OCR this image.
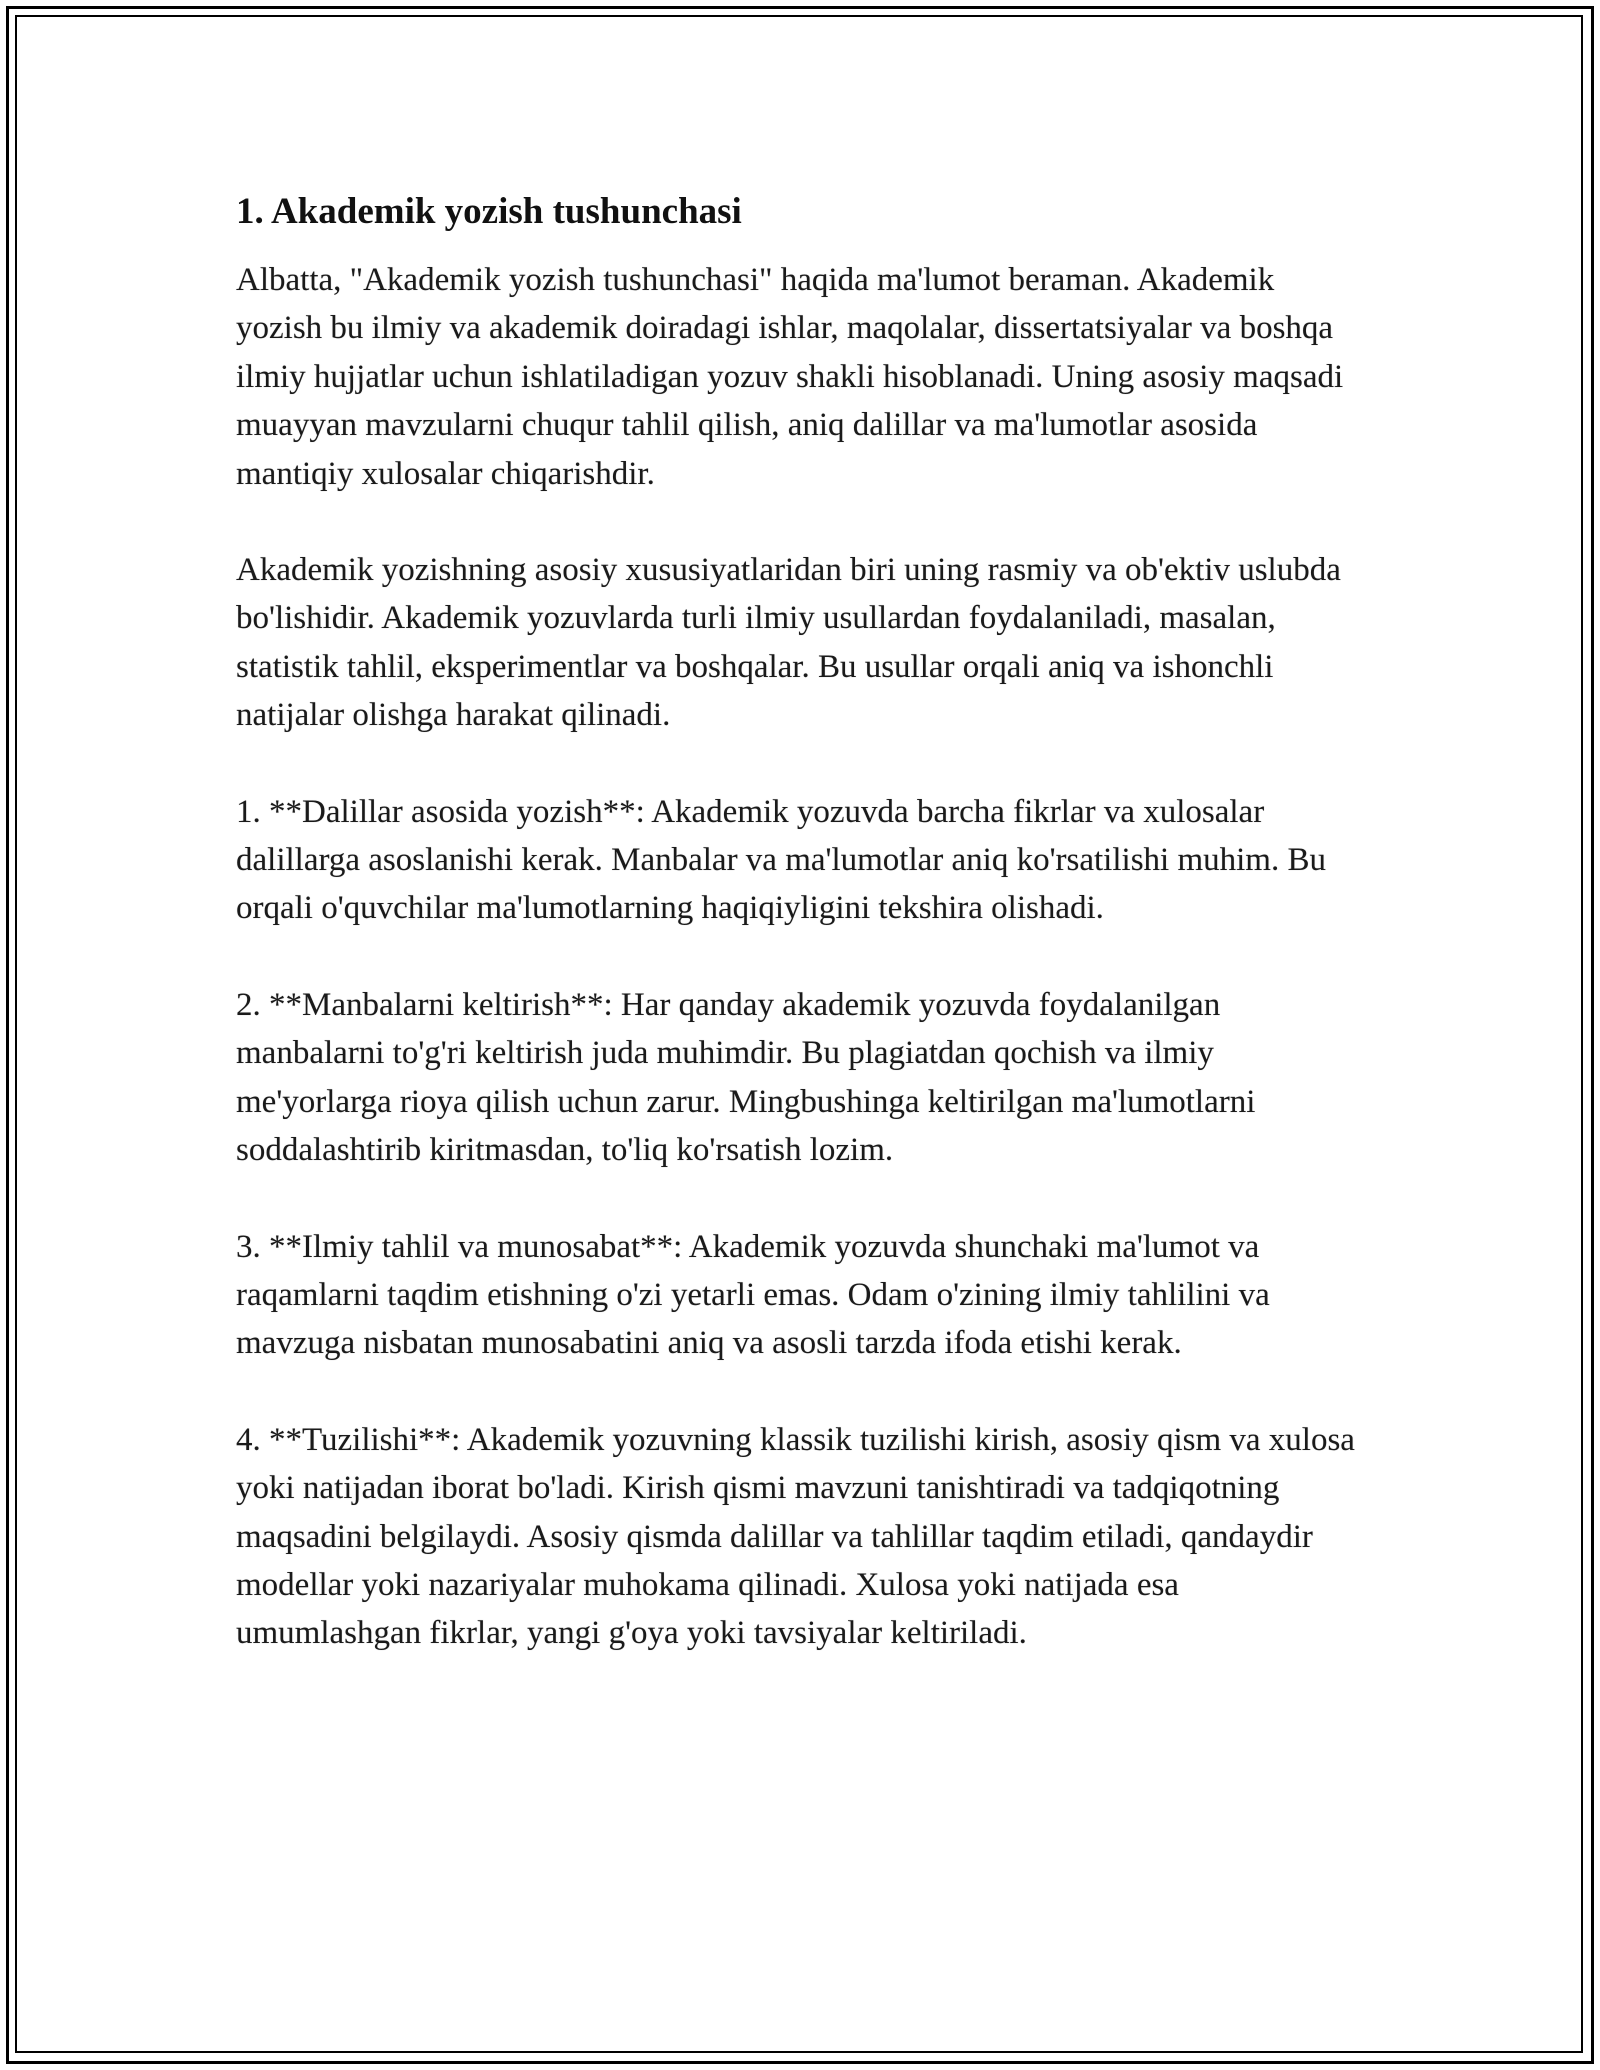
1. Akademik yozish tushunchasi

Albatta, "Akademik yozish tushunchasi" haqida ma'lumot beraman. Akademik yozish bu ilmiy va akademik doiradagi ishlar, maqolalar, dissertatsiyalar va boshqa ilmiy hujjatlar uchun ishlatiladigan yozuv shakli hisoblanadi. Uning asosiy maqsadi muayyan mavzularni chuqur tahlil qilish, aniq dalillar va ma'lumotlar asosida mantiqiy xulosalar chiqarishdir.

Akademik yozishning asosiy xususiyatlaridan biri uning rasmiy va ob'ektiv uslubda bo'lishidir. Akademik yozuvlarda turli ilmiy usullardan foydalaniladi, masalan, statistik tahlil, eksperimentlar va boshqalar. Bu usullar orqali aniq va ishonchli natijalar olishga harakat qilinadi.

1. **Dalillar asosida yozish**: Akademik yozuvda barcha fikrlar va xulosalar dalillarga asoslanishi kerak. Manbalar va ma'lumotlar aniq ko'rsatilishi muhim. Bu orqali o'quvchilar ma'lumotlarning haqiqiyligini tekshira olishadi.

2. **Manbalarni keltirish**: Har qanday akademik yozuvda foydalanilgan manbalarni to'g'ri keltirish juda muhimdir. Bu plagiatdan qochish va ilmiy me'yorlarga rioya qilish uchun zarur. Mingbushinga keltirilgan ma'lumotlarni soddalashtirib kiritmasdan, to'liq ko'rsatish lozim.

3. **Ilmiy tahlil va munosabat**: Akademik yozuvda shunchaki ma'lumot va raqamlarni taqdim etishning o'zi yetarli emas. Odam o'zining ilmiy tahlilini va mavzuga nisbatan munosabatini aniq va asosli tarzda ifoda etishi kerak.

4. **Tuzilishi**: Akademik yozuvning klassik tuzilishi kirish, asosiy qism va xulosa yoki natijadan iborat bo'ladi. Kirish qismi mavzuni tanishtiradi va tadqiqotning maqsadini belgilaydi. Asosiy qismda dalillar va tahlillar taqdim etiladi, qandaydir modellar yoki nazariyalar muhokama qilinadi. Xulosa yoki natijada esa umumlashgan fikrlar, yangi g'oya yoki tavsiyalar keltiriladi.
